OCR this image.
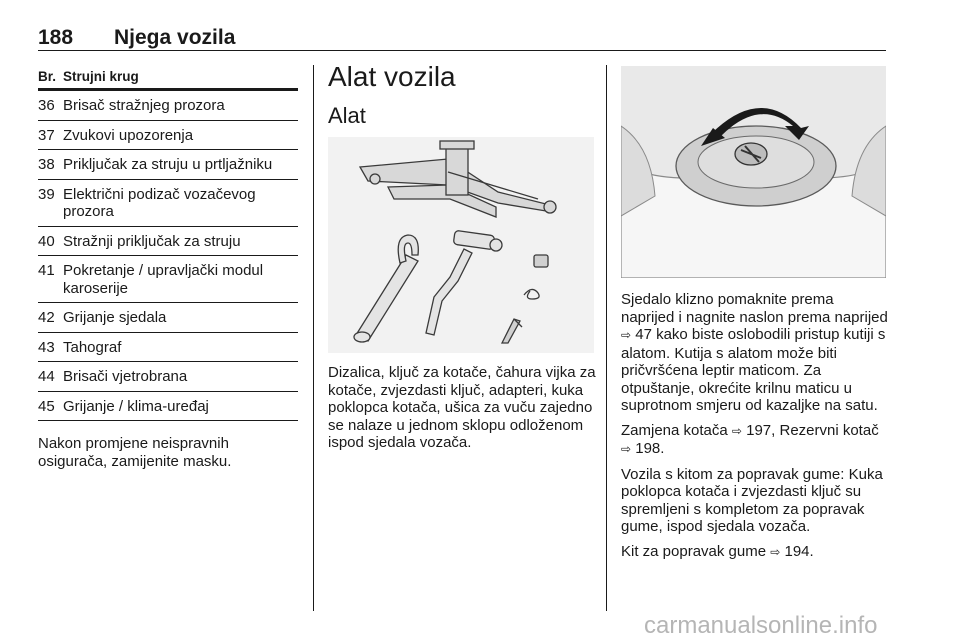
188 Njega vozila
Br. Strujni krug
36 Brisač stražnjeg prozora
37 Zvukovi upozorenja
38 Priključak za struju u prtljažniku
39 Električni podizač vozačevog prozora
40 Stražnji priključak za struju
41 Pokretanje / upravljački modul karoserije
42 Grijanje sjedala
43 Tahograf
44 Brisači vjetrobrana
45 Grijanje / klima-uređaj
Nakon promjene neispravnih osigurača, zamijenite masku.
Alat vozila
Alat
Dizalica, ključ za kotače, čahura vijka za kotače, zvjezdasti ključ, adapteri, kuka poklopca kotača, ušica za vuču zajedno se nalaze u jednom sklopu odloženom ispod sjedala vozača.

Sjedalo klizno pomaknite prema naprijed i nagnite naslon prema naprijed ⇨ 47 kako biste oslobodili pristup kutiji s alatom. Kutija s alatom može biti pričvršćena leptir maticom. Za otpuštanje, okrećite krilnu maticu u suprotnom smjeru od kazaljke na satu.

Zamjena kotača ⇨ 197, Rezervni kotač ⇨ 198.

Vozila s kitom za popravak gume: Kuka poklopca kotača i zvjezdasti ključ su spremljeni s kompletom za popravak gume, ispod sjedala vozača.

Kit za popravak gume ⇨ 194.

carmanualsonline.info
